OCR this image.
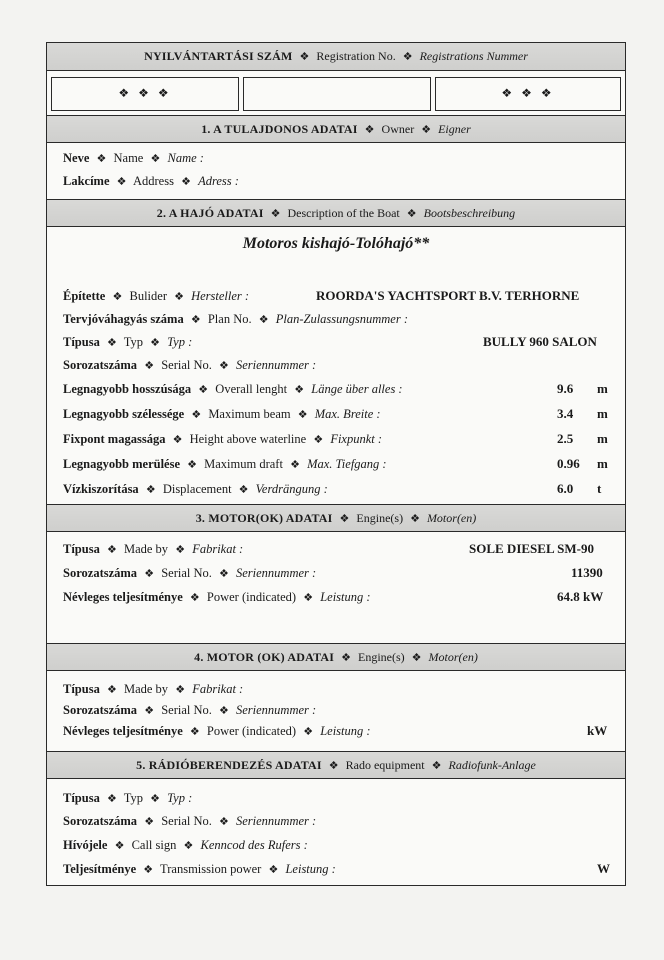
NYILVÁNTARTÁSI SZÁM ❖ Registration No. ❖ Registrations Nummer
❖ ❖ ❖	❖ ❖ ❖
1. A TULAJDONOS ADATAI ❖ Owner ❖ Eigner
Neve ❖ Name ❖ Name :
Lakcíme ❖ Address ❖ Adress :
2. A HAJÓ ADATAI ❖ Description of the Boat ❖ Bootsbeschreibung
Motoros kishajó-Tolóhajó**
Építette ❖ Bulider ❖ Hersteller :	ROORDA'S YACHTSPORT B.V. TERHORNE
Tervjóváhagyás száma ❖ Plan No. ❖ Plan-Zulassungsnummer :
Típusa ❖ Typ ❖ Typ :	BULLY 960 SALON
Sorozatszáma ❖ Serial No. ❖ Seriennummer :
Legnagyobb hosszúsága ❖ Overall lenght ❖ Länge über alles :	9.6 m
Legnagyobb szélessége ❖ Maximum beam ❖ Max. Breite :	3.4 m
Fixpont magassága ❖ Height above waterline ❖ Fixpunkt :	2.5 m
Legnagyobb merülése ❖ Maximum draft ❖ Max. Tiefgang :	0.96 m
Vízkiszorítása ❖ Displacement ❖ Verdrängung :	6.0 t
3. MOTOR(OK) ADATAI ❖ Engine(s) ❖ Motor(en)
Típusa ❖ Made by ❖ Fabrikat :	SOLE DIESEL SM-90
Sorozatszáma ❖ Serial No. ❖ Seriennummer :	11390
Névleges teljesítménye ❖ Power (indicated) ❖ Leistung :	64.8 kW
4. MOTOR (OK) ADATAI ❖ Engine(s) ❖ Motor(en)
Típusa ❖ Made by ❖ Fabrikat :
Sorozatszáma ❖ Serial No. ❖ Seriennummer :
Névleges teljesítménye ❖ Power (indicated) ❖ Leistung :	kW
5. RÁDIÓBERENDEZÉS ADATAI ❖ Rado equipment ❖ Radiofunk-Anlage
Típusa ❖ Typ ❖ Typ :
Sorozatszáma ❖ Serial No. ❖ Seriennummer :
Hívójele ❖ Call sign ❖ Kenncod des Rufers :
Teljesítménye ❖ Transmission power ❖ Leistung :	W
